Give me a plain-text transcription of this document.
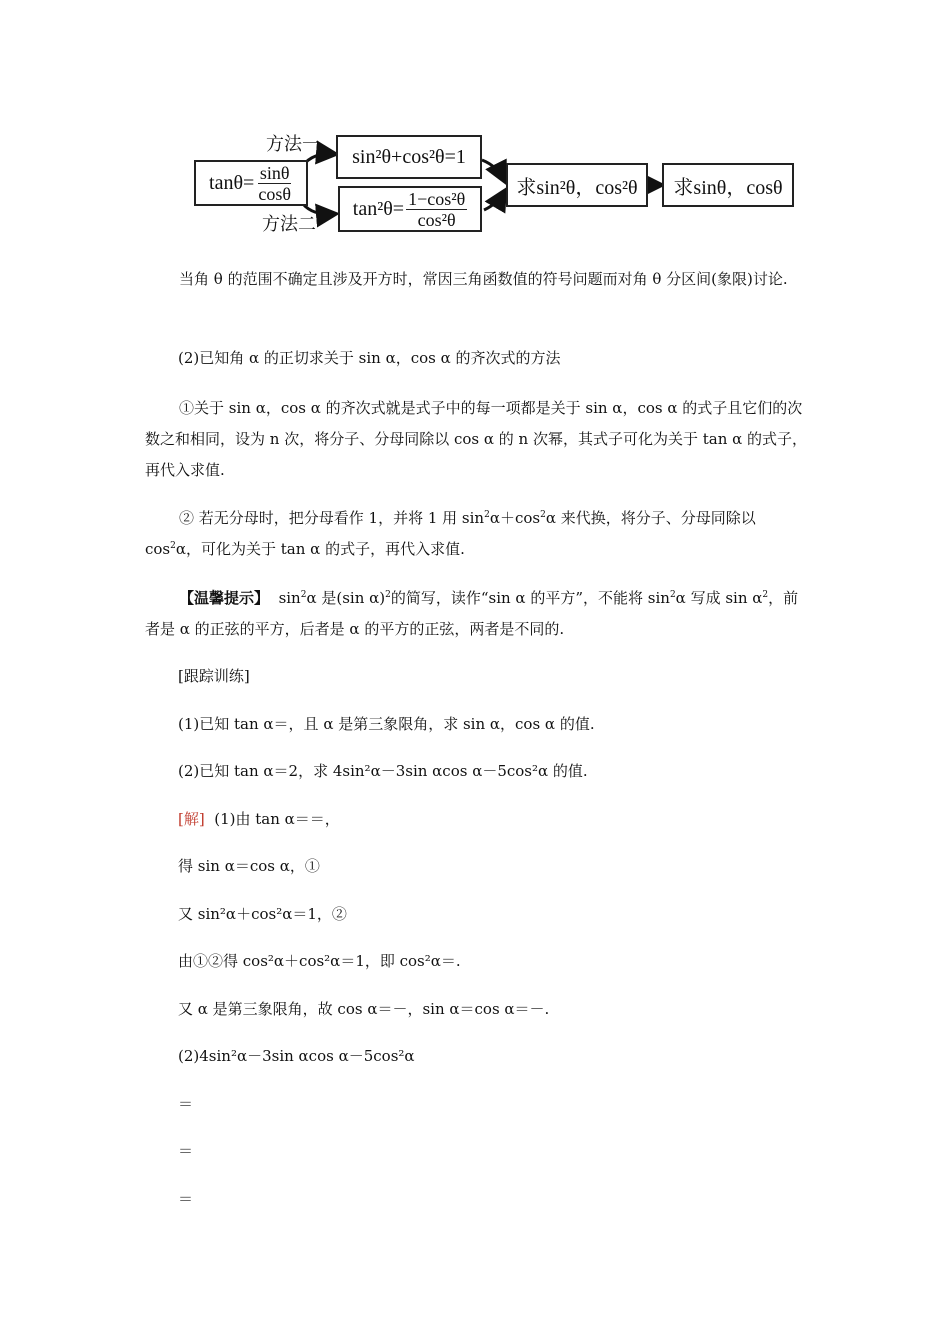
方法一
方法二
$\tan\theta= \frac{\sin\theta}{\cos\theta}$
sin²θ+cos²θ=1
$\tan^2\theta= \frac{\text{1−cos²θ}}{\text{cos²θ}}$
求sin²θ，cos²θ	求sinθ，cosθ
当角 θ 的范围不确定且涉及开方时，常因三角函数值的符号问题而对角 θ 分区间(象限)讨论.
(2)已知角 α 的正切求关于 sin α，cos α 的齐次式的方法
①关于 sin α，cos α 的齐次式就是式子中的每一项都是关于 sin α，cos α 的式子且它们的次数之和相同，设为 n 次，将分子、分母同除以 cos α 的 n 次幂，其式子可化为关于 tan α 的式子，再代入求值.
② 若无分母时，把分母看作 1，并将 1 用 $\sin^2\alpha+\cos^2\alpha$ 来代换，将分子、分母同除以 $\cos^2\alpha$，可化为关于 tan α 的式子，再代入求值.
【温馨提示】 $\sin^2\alpha$ 是(sin α)$^2$的简写，读作“sin α 的平方”，不能将 $\sin^2\alpha$ 写成 $\sin \alpha^2$，前者是 α 的正弦的平方，后者是 α 的平方的正弦，两者是不同的.
[跟踪训练]
(1)已知 tan α＝，且 α 是第三象限角，求 sin α，cos α 的值.
(2)已知 tan α＝2，求 4sin²α－3sin αcos α－5cos²α 的值.
[解] (1)由 tan α＝＝，
得 sin α＝cos α，①
又 sin²α＋cos²α＝1，②
由①②得 cos²α＋cos²α＝1，即 cos²α＝.
又 α 是第三象限角，故 cos α＝－，sin α＝cos α＝－.
(2)4sin²α－3sin αcos α－5cos²α
＝
＝
＝
